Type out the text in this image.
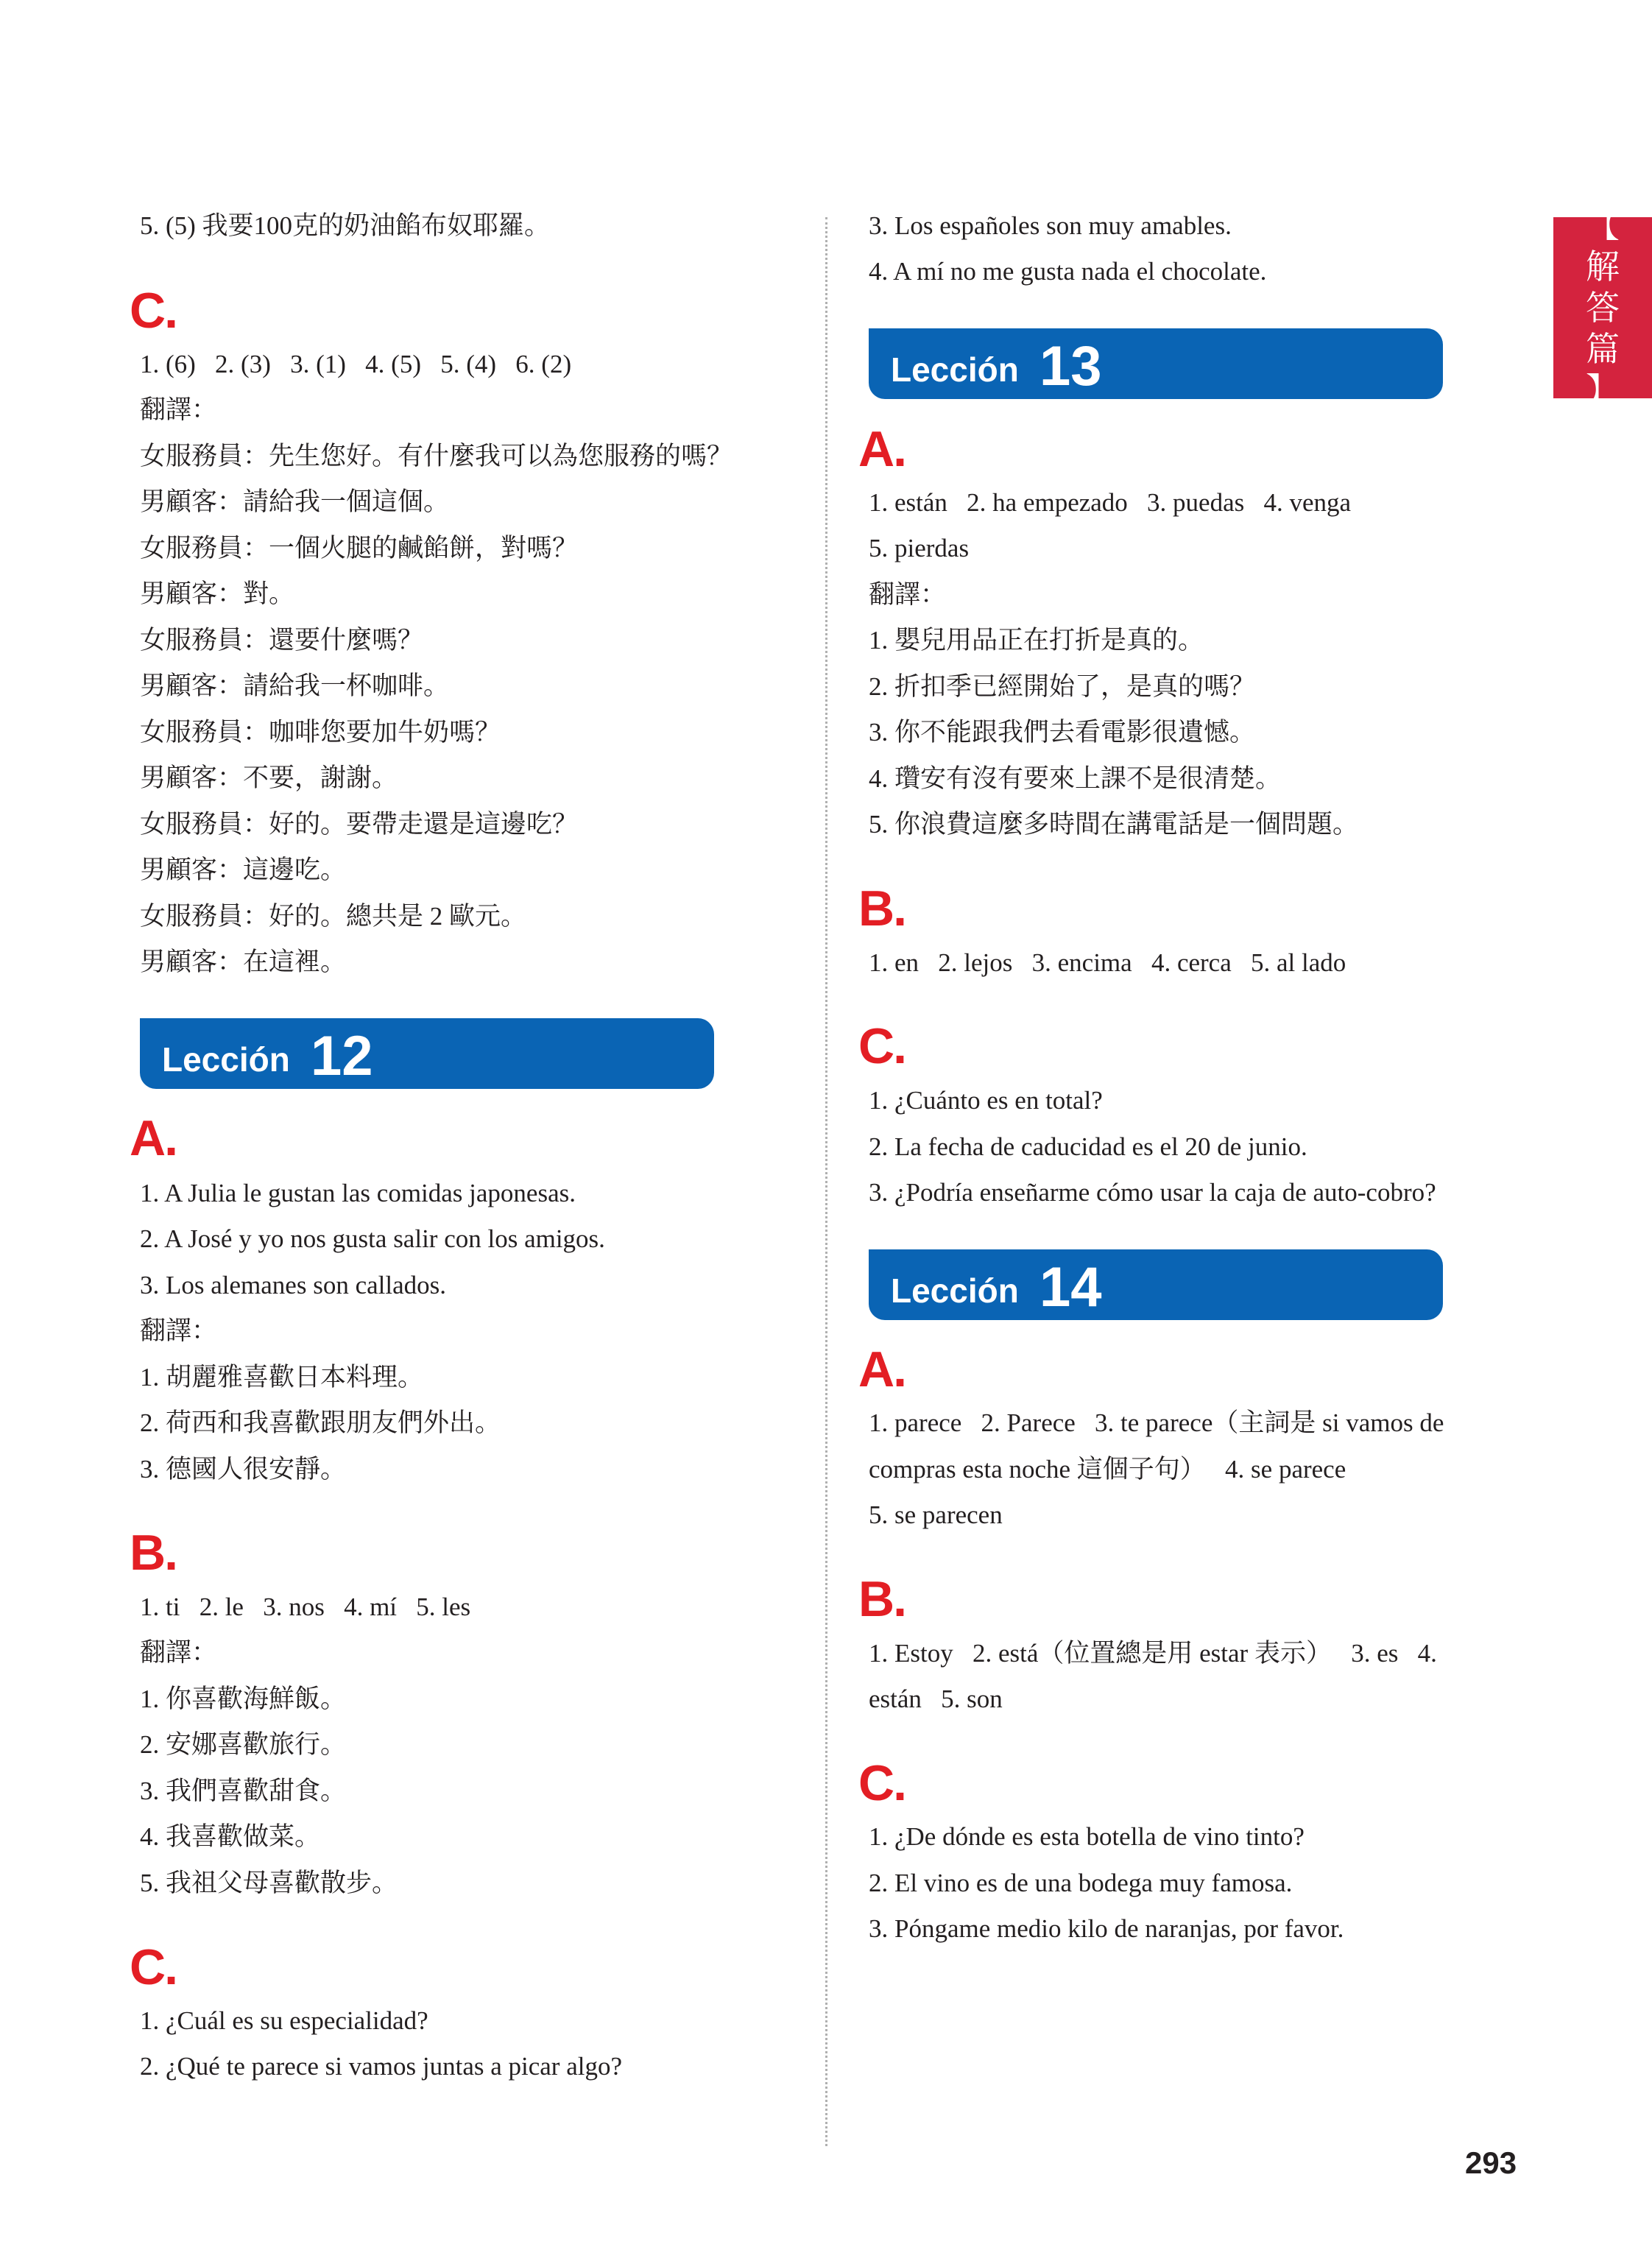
【
解
答
篇
】
5. (5) 我要100克的奶油餡布奴耶羅。
C.
1. (6)   2. (3)   3. (1)   4. (5)   5. (4)   6. (2)
翻譯：
女服務員：先生您好。有什麼我可以為您服務的嗎？
男顧客：請給我一個這個。
女服務員：一個火腿的鹹餡餅，對嗎？
男顧客：對。
女服務員：還要什麼嗎？
男顧客：請給我一杯咖啡。
女服務員：咖啡您要加牛奶嗎？
男顧客：不要，謝謝。
女服務員：好的。要帶走還是這邊吃？
男顧客：這邊吃。
女服務員：好的。總共是 2 歐元。
男顧客：在這裡。
Lección 12
A.
1. A Julia le gustan las comidas japonesas.
2. A José y yo nos gusta salir con los amigos.
3. Los alemanes son callados.
翻譯：
1. 胡麗雅喜歡日本料理。
2. 荷西和我喜歡跟朋友們外出。
3. 德國人很安靜。
B.
1. ti   2. le   3. nos   4. mí   5. les
翻譯：
1. 你喜歡海鮮飯。
2. 安娜喜歡旅行。
3. 我們喜歡甜食。
4. 我喜歡做菜。
5. 我祖父母喜歡散步。
C.
1. ¿Cuál es su especialidad?
2. ¿Qué te parece si vamos juntas a picar algo?
3. Los españoles son muy amables.
4. A mí no me gusta nada el chocolate.
Lección 13
A.
1. están   2. ha empezado   3. puedas   4. venga
5. pierdas
翻譯：
1. 嬰兒用品正在打折是真的。
2. 折扣季已經開始了，是真的嗎？
3. 你不能跟我們去看電影很遺憾。
4. 瓚安有沒有要來上課不是很清楚。
5. 你浪費這麼多時間在講電話是一個問題。
B.
1. en   2. lejos   3. encima   4. cerca   5. al lado
C.
1. ¿Cuánto es en total?
2. La fecha de caducidad es el 20 de junio.
3. ¿Podría enseñarme cómo usar la caja de auto-cobro?
Lección 14
A.
1. parece   2. Parece   3. te parece（主詞是 si vamos de
compras esta noche 這個子句）   4. se parece
5. se parecen
B.
1. Estoy   2. está（位置總是用 estar 表示）   3. es   4.
están   5. son
C.
1. ¿De dónde es esta botella de vino tinto?
2. El vino es de una bodega muy famosa.
3. Póngame medio kilo de naranjas, por favor.
293
